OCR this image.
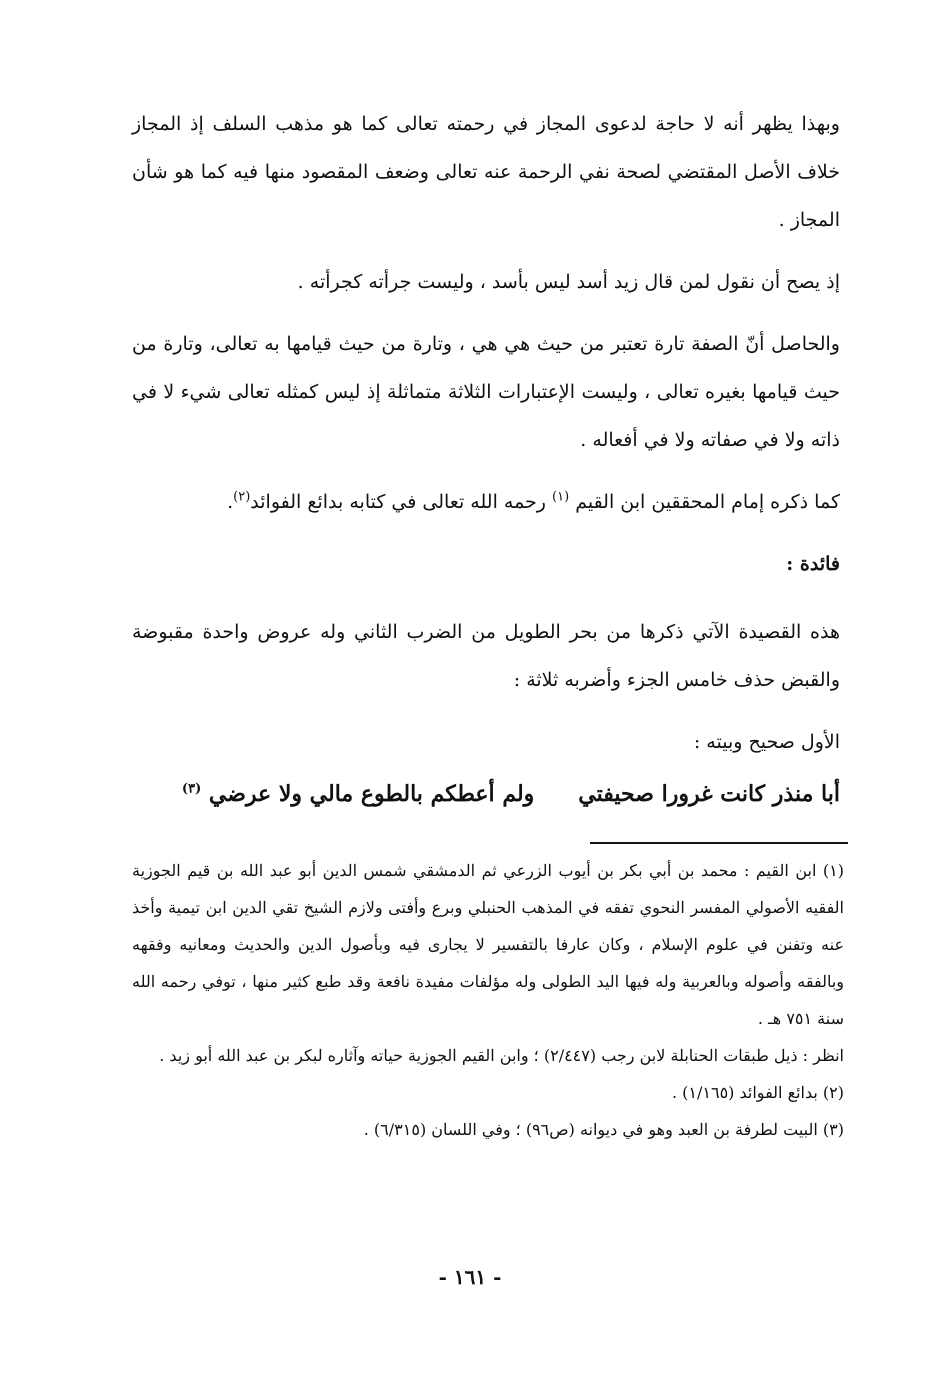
وبهذا يظهر أنه لا حاجة لدعوى المجاز في رحمته تعالى كما هو مذهب السلف إذ المجاز خلاف الأصل المقتضي لصحة نفي الرحمة عنه تعالى وضعف المقصود منها فيه كما هو شأن المجاز .

إذ يصح أن نقول لمن قال زيد أسد ليس بأسد ، وليست جرأته كجرأته .

والحاصل أنّ الصفة تارة تعتبر من حيث هي هي ، وتارة من حيث قيامها به تعالى، وتارة من حيث قيامها بغيره تعالى ، وليست الإعتبارات الثلاثة متماثلة إذ ليس كمثله تعالى شيء لا في ذاته ولا في صفاته ولا في أفعاله .

كما ذكره إمام المحققين ابن القيم $^{(١)}$ رحمه الله تعالى في كتابه بدائع الفوائد$^{(٢)}$.

فائدة :

هذه القصيدة الآتي ذكرها من بحر الطويل من الضرب الثاني وله عروض واحدة مقبوضة والقبض حذف خامس الجزء وأضربه ثلاثة :

الأول صحيح وبيته :

أبا منذر كانت غرورا صحيفتي
ولم أعطكم بالطوع مالي ولا عرضي $^{(٣)}$

(١) ابن القيم : محمد بن أبي بكر بن أيوب الزرعي ثم الدمشقي شمس الدين أبو عبد الله بن قيم الجوزية الفقيه الأصولي المفسر النحوي تفقه في المذهب الحنبلي وبرع وأفتى ولازم الشيخ تقي الدين ابن تيمية وأخذ عنه وتفنن في علوم الإسلام ، وكان عارفا بالتفسير لا يجارى فيه وبأصول الدين والحديث ومعانيه وفقهه وبالفقه وأصوله وبالعربية وله فيها اليد الطولى وله مؤلفات مفيدة نافعة وقد طبع كثير منها ، توفي رحمه الله سنة ٧٥١ هـ .

انظر : ذيل طبقات الحنابلة لابن رجب (٢/٤٤٧) ؛ وابن القيم الجوزية حياته وآثاره لبكر بن عبد الله أبو زيد .

(٢) بدائع الفوائد (١/١٦٥) .

(٣) البيت لطرفة بن العبد وهو في ديوانه (ص٩٦) ؛ وفي اللسان (٦/٣١٥) .

- ١٦١ -
